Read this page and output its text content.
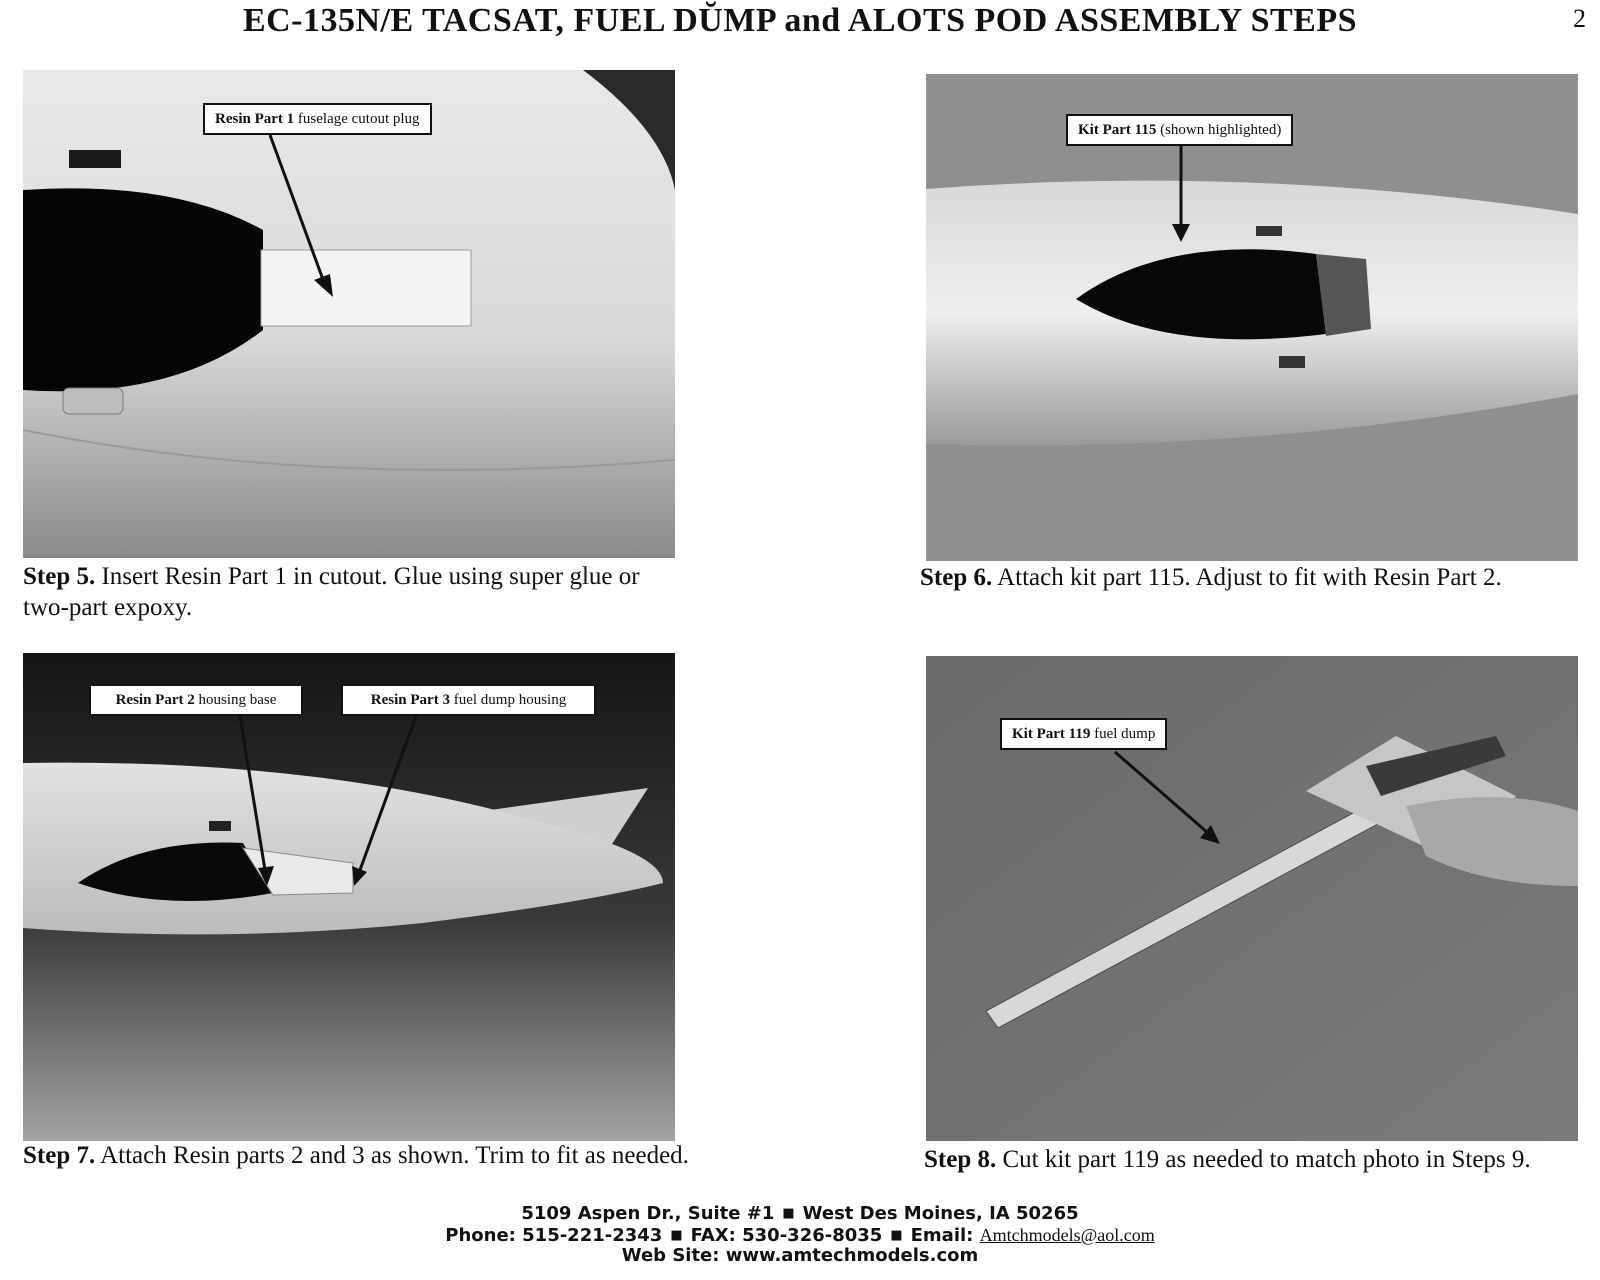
EC-135N/E TACSAT, FUEL DŬMP and ALOTS POD ASSEMBLY STEPS	2
Resin Part 1 fuselage cutout plug
Step 5. Insert Resin Part 1 in cutout. Glue using super glue or two-part expoxy.
Kit Part 115 (shown highlighted)
Step 6. Attach kit part 115. Adjust to fit with Resin Part 2.
Resin Part 2 housing base	Resin Part 3 fuel dump housing
Step 7. Attach Resin parts 2 and 3 as shown. Trim to fit as needed.
Kit Part 119 fuel dump
Step 8. Cut kit part 119 as needed to match photo in Steps 9.
5109 Aspen Dr., Suite #1 ■ West Des Moines, IA 50265
Phone: 515-221-2343 ■ FAX: 530-326-8035 ■ Email: Amtchmodels@aol.com
Web Site: www.amtechmodels.com
